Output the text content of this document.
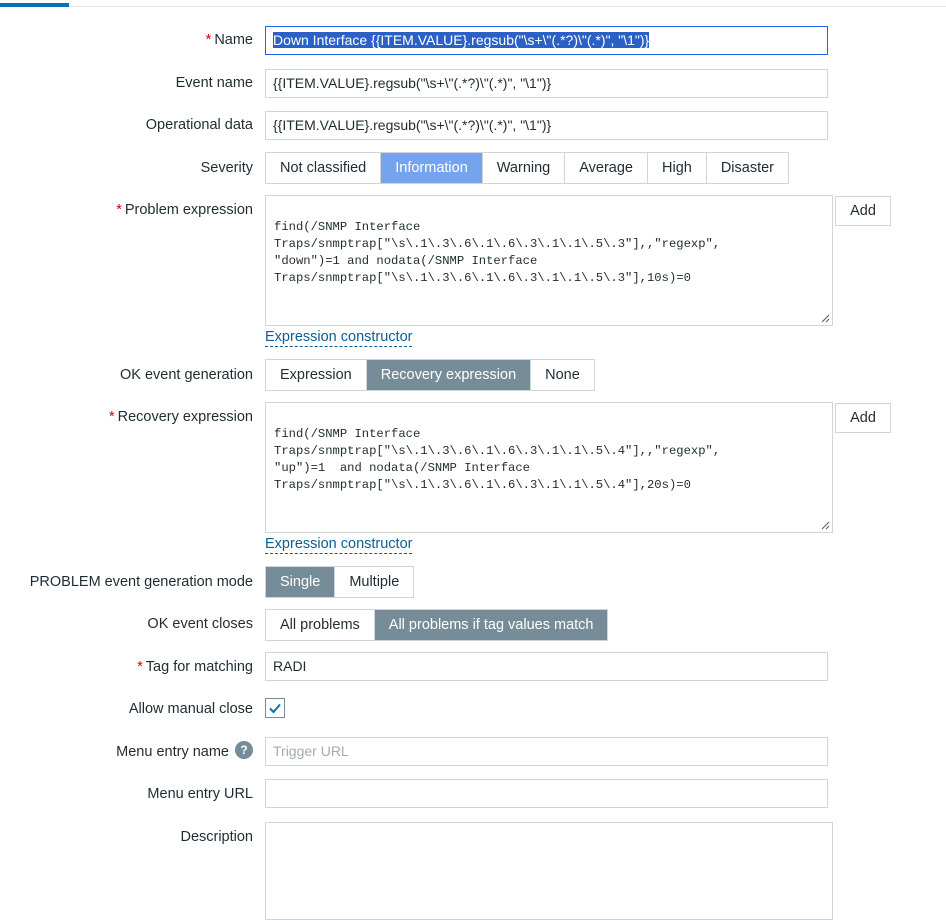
* Name	Down Interface {{ITEM.VALUE}.regsub("\s+\"(.*?)\"(.*)", "\1")}
Event name	{{ITEM.VALUE}.regsub("\s+\"(.*?)\"(.*)", "\1")}
Operational data	{{ITEM.VALUE}.regsub("\s+\"(.*?)\"(.*)", "\1")}
Severity	Not classified	Information	Warning	Average	High	Disaster
* Problem expression

find(/SNMP Interface
Traps/snmptrap["\s\.1\.3\.6\.1\.6\.3\.1\.1\.5\.3"],,"regexp",
"down")=1 and nodata(/SNMP Interface
Traps/snmptrap["\s\.1\.3\.6\.1\.6\.3\.1\.1\.5\.3"],10s)=0

Add
Expression constructor
OK event generation	Expression	Recovery expression	None
* Recovery expression

find(/SNMP Interface
Traps/snmptrap["\s\.1\.3\.6\.1\.6\.3\.1\.1\.5\.4"],,"regexp",
"up")=1  and nodata(/SNMP Interface
Traps/snmptrap["\s\.1\.3\.6\.1\.6\.3\.1\.1\.5\.4"],20s)=0

Add
Expression constructor
PROBLEM event generation mode	Single	Multiple
OK event closes	All problems	All problems if tag values match
* Tag for matching	RADI
Allow manual close
Menu entry name ?	Trigger URL
Menu entry URL
Description
